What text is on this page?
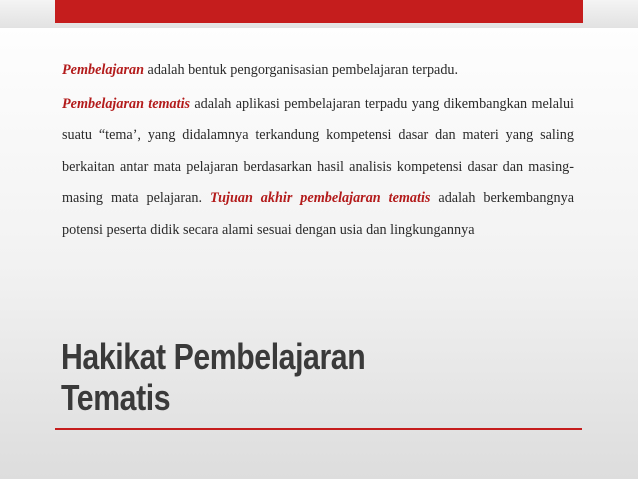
Pembelajaran adalah bentuk pengorganisasian pembelajaran terpadu.

Pembelajaran tematis adalah aplikasi pembelajaran terpadu yang dikembangkan melalui suatu “tema’, yang didalamnya terkandung kompetensi dasar dan materi yang saling berkaitan antar mata pelajaran berdasarkan hasil analisis kompetensi dasar dan masing-masing mata pelajaran. Tujuan akhir pembelajaran tematis adalah berkembangnya potensi peserta didik secara alami sesuai dengan usia dan lingkungannya

Hakikat Pembelajaran
Tematis
